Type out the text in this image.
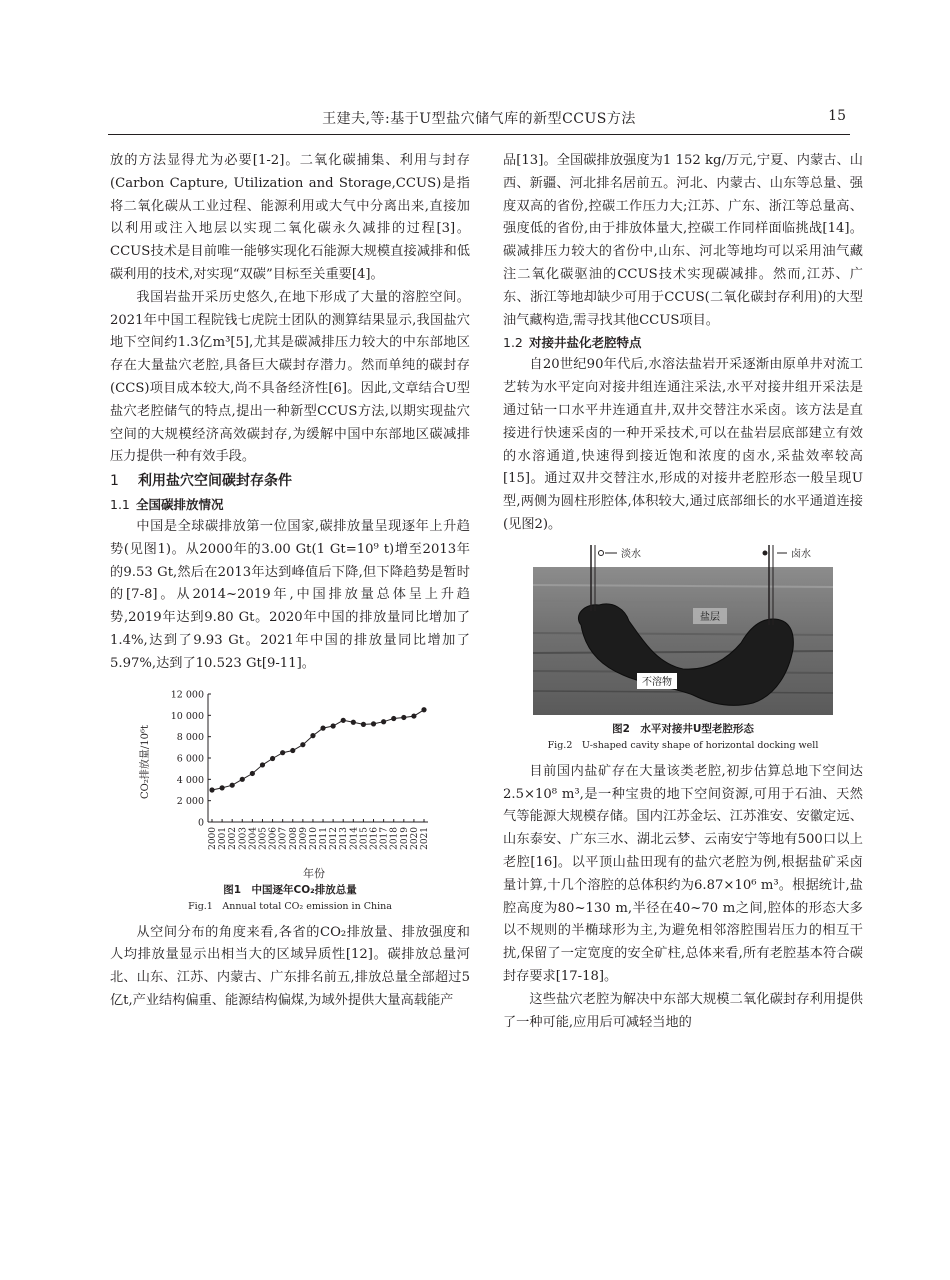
王建夫,等:基于U型盐穴储气库的新型CCUS方法	15

放的方法显得尤为必要[1-2]。二氧化碳捕集、利用与封存(Carbon Capture, Utilization and Storage,CCUS)是指将二氧化碳从工业过程、能源利用或大气中分离出来,直接加以利用或注入地层以实现二氧化碳永久减排的过程[3]。CCUS技术是目前唯一能够实现化石能源大规模直接减排和低碳利用的技术,对实现“双碳”目标至关重要[4]。

我国岩盐开采历史悠久,在地下形成了大量的溶腔空间。2021年中国工程院钱七虎院士团队的测算结果显示,我国盐穴地下空间约1.3亿m³[5],尤其是碳减排压力较大的中东部地区存在大量盐穴老腔,具备巨大碳封存潜力。然而单纯的碳封存(CCS)项目成本较大,尚不具备经济性[6]。因此,文章结合U型盐穴老腔储气的特点,提出一种新型CCUS方法,以期实现盐穴空间的大规模经济高效碳封存,为缓解中国中东部地区碳减排压力提供一种有效手段。

1 利用盐穴空间碳封存条件
1.1 全国碳排放情况

中国是全球碳排放第一位国家,碳排放量呈现逐年上升趋势(见图1)。从2000年的3.00 Gt(1 Gt=10⁹ t)增至2013年的9.53 Gt,然后在2013年达到峰值后下降,但下降趋势是暂时的[7-8]。从2014~2019年,中国排放量总体呈上升趋势,2019年达到9.80 Gt。2020年中国的排放量同比增加了1.4%,达到了9.93 Gt。2021年中国的排放量同比增加了5.97%,达到了10.523 Gt[9-11]。

0
2 000
4 000
6 000
8 000
10 000
12 000
2000 2001 2002 2003 2004 2005 2006 2007 2008 2009 2010 2011 2012 2013 2014 2015 2016 2017 2018 2019 2020 2021
CO₂排放量/10⁶t
年份

图1　中国逐年CO₂排放总量

Fig.1　Annual total CO₂ emission in China

从空间分布的角度来看,各省的CO₂排放量、排放强度和人均排放量显示出相当大的区域异质性[12]。碳排放总量河北、山东、江苏、内蒙古、广东排名前五,排放总量全部超过5亿t,产业结构偏重、能源结构偏煤,为域外提供大量高载能产

品[13]。全国碳排放强度为1 152 kg/万元,宁夏、内蒙古、山西、新疆、河北排名居前五。河北、内蒙古、山东等总量、强度双高的省份,控碳工作压力大;江苏、广东、浙江等总量高、强度低的省份,由于排放体量大,控碳工作同样面临挑战[14]。碳减排压力较大的省份中,山东、河北等地均可以采用油气藏注二氧化碳驱油的CCUS技术实现碳减排。然而,江苏、广东、浙江等地却缺少可用于CCUS(二氧化碳封存利用)的大型油气藏构造,需寻找其他CCUS项目。

1.2 对接井盐化老腔特点

自20世纪90年代后,水溶法盐岩开采逐渐由原单井对流工艺转为水平定向对接井组连通注采法,水平对接井组开采法是通过钻一口水平井连通直井,双井交替注水采卤。该方法是直接进行快速采卤的一种开采技术,可以在盐岩层底部建立有效的水溶通道,快速得到接近饱和浓度的卤水,采盐效率较高[15]。通过双井交替注水,形成的对接井老腔形态一般呈现U型,两侧为圆柱形腔体,体积较大,通过底部细长的水平通道连接(见图2)。

淡水	卤水
盐层
不溶物

图2　水平对接井U型老腔形态

Fig.2　U-shaped cavity shape of horizontal docking well

目前国内盐矿存在大量该类老腔,初步估算总地下空间达2.5×10⁸ m³,是一种宝贵的地下空间资源,可用于石油、天然气等能源大规模存储。国内江苏金坛、江苏淮安、安徽定远、山东泰安、广东三水、湖北云梦、云南安宁等地有500口以上老腔[16]。以平顶山盐田现有的盐穴老腔为例,根据盐矿采卤量计算,十几个溶腔的总体积约为6.87×10⁶ m³。根据统计,盐腔高度为80~130 m,半径在40~70 m之间,腔体的形态大多以不规则的半椭球形为主,为避免相邻溶腔围岩压力的相互干扰,保留了一定宽度的安全矿柱,总体来看,所有老腔基本符合碳封存要求[17-18]。

这些盐穴老腔为解决中东部大规模二氧化碳封存利用提供了一种可能,应用后可减轻当地的
